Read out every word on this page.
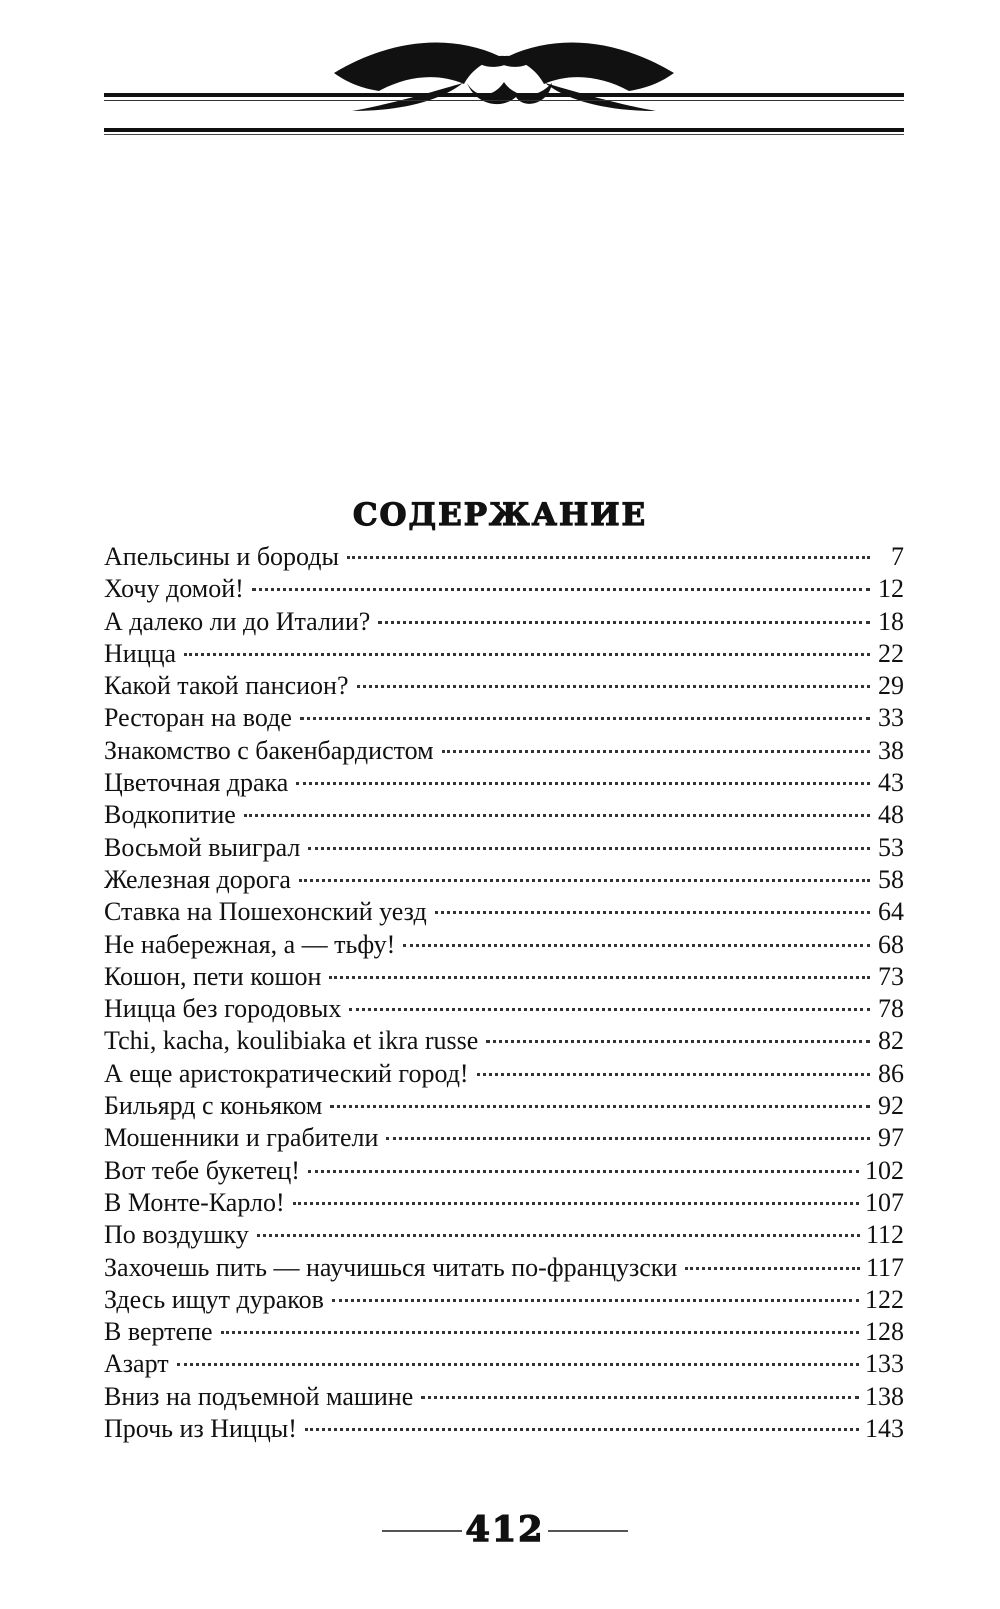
СОДЕРЖАНИЕ
Апельсины и бороды	7
Хочу домой!	12
А далеко ли до Италии?	18
Ницца	22
Какой такой пансион?	29
Ресторан на воде	33
Знакомство с бакенбардистом	38
Цветочная драка	43
Водкопитие	48
Восьмой выиграл	53
Железная дорога	58
Ставка на Пошехонский уезд	64
Не набережная, а — тьфу!	68
Кошон, пети кошон	73
Ницца без городовых	78
Tchi, kacha, koulibiaka et ikra russe	82
А еще аристократический город!	86
Бильярд с коньяком	92
Мошенники и грабители	97
Вот тебе букетец!	102
В Монте-Карло!	107
По воздушку	112
Захочешь пить — научишься читать по-французски	117
Здесь ищут дураков	122
В вертепе	128
Азарт	133
Вниз на подъемной машине	138
Прочь из Ниццы!	143
412
